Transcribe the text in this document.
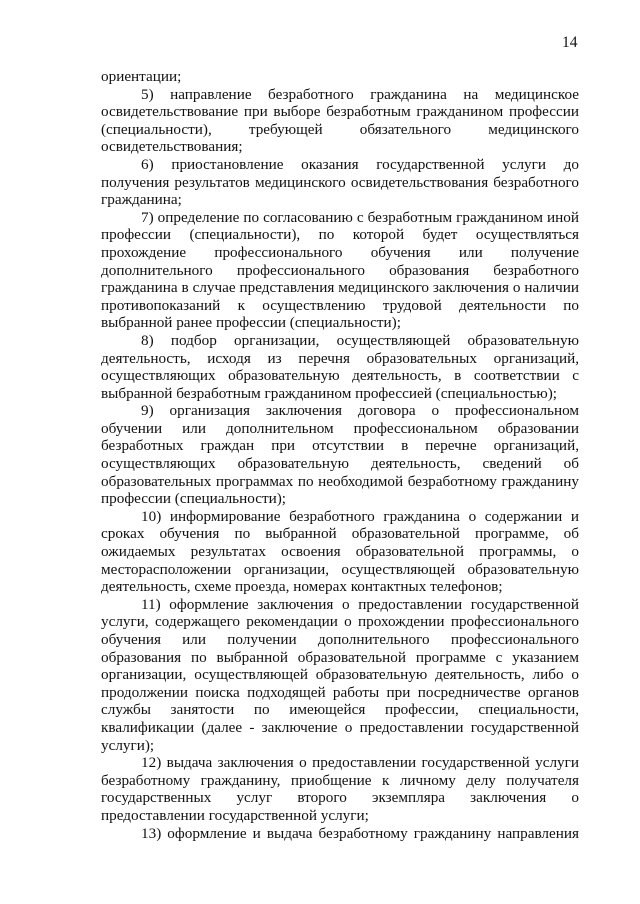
14

ориентации;

5) направление безработного гражданина на медицинское освидетельствование при выборе безработным гражданином профессии (специальности), требующей обязательного медицинского освидетельствования;

6) приостановление оказания государственной услуги до получения результатов медицинского освидетельствования безработного гражданина;

7) определение по согласованию с безработным гражданином иной профессии (специальности), по которой будет осуществляться прохождение профессионального обучения или получение дополнительного профессионального образования безработного гражданина в случае представления медицинского заключения о наличии противопоказаний к осуществлению трудовой деятельности по выбранной ранее профессии (специальности);

8) подбор организации, осуществляющей образовательную деятельность, исходя из перечня образовательных организаций, осуществляющих образовательную деятельность, в соответствии с выбранной безработным гражданином профессией (специальностью);

9) организация заключения договора о профессиональном обучении или дополнительном профессиональном образовании безработных граждан при отсутствии в перечне организаций, осуществляющих образовательную деятельность, сведений об образовательных программах по необходимой безработному гражданину профессии (специальности);

10) информирование безработного гражданина о содержании и сроках обучения по выбранной образовательной программе, об ожидаемых результатах освоения образовательной программы, о месторасположении организации, осуществляющей образовательную деятельность, схеме проезда, номерах контактных телефонов;

11) оформление заключения о предоставлении государственной услуги, содержащего рекомендации о прохождении профессионального обучения или получении дополнительного профессионального образования по выбранной образовательной программе с указанием организации, осуществляющей образовательную деятельность, либо о продолжении поиска подходящей работы при посредничестве органов службы занятости по имеющейся профессии, специальности, квалификации (далее - заключение о предоставлении государственной услуги);

12) выдача заключения о предоставлении государственной услуги безработному гражданину, приобщение к личному делу получателя государственных услуг второго экземпляра заключения о предоставлении государственной услуги;

13) оформление и выдача безработному гражданину направления
